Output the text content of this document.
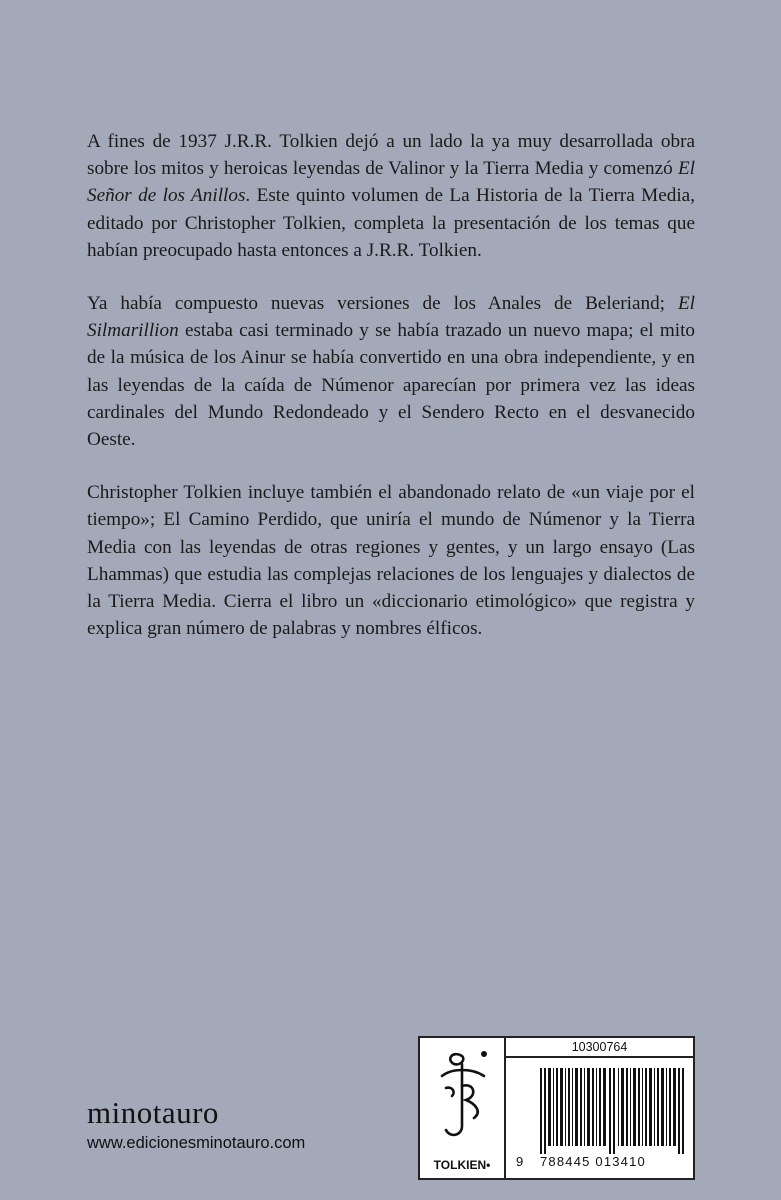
A fines de 1937 J.R.R. Tolkien dejó a un lado la ya muy desarrollada obra sobre los mitos y heroicas leyendas de Valinor y la Tierra Media y comenzó El Señor de los Anillos. Este quinto volumen de La Historia de la Tierra Media, editado por Christopher Tolkien, completa la presentación de los temas que habían preocupado hasta entonces a J.R.R. Tolkien.

Ya había compuesto nuevas versiones de los Anales de Beleriand; El Silmarillion estaba casi terminado y se había trazado un nuevo mapa; el mito de la música de los Ainur se había convertido en una obra independiente, y en las leyendas de la caída de Númenor aparecían por primera vez las ideas cardinales del Mundo Redondeado y el Sendero Recto en el desvanecido Oeste.

Christopher Tolkien incluye también el abandonado relato de «un viaje por el tiempo»; El Camino Perdido, que uniría el mundo de Númenor y la Tierra Media con las leyendas de otras regiones y gentes, y un largo ensayo (Las Lhammas) que estudia las complejas relaciones de los lenguajes y dialectos de la Tierra Media. Cierra el libro un «diccionario etimológico» que registra y explica gran número de palabras y nombres élficos.

minotauro
www.edicionesminotauro.com
TOLKIEN•
10300764
9 788445 013410
